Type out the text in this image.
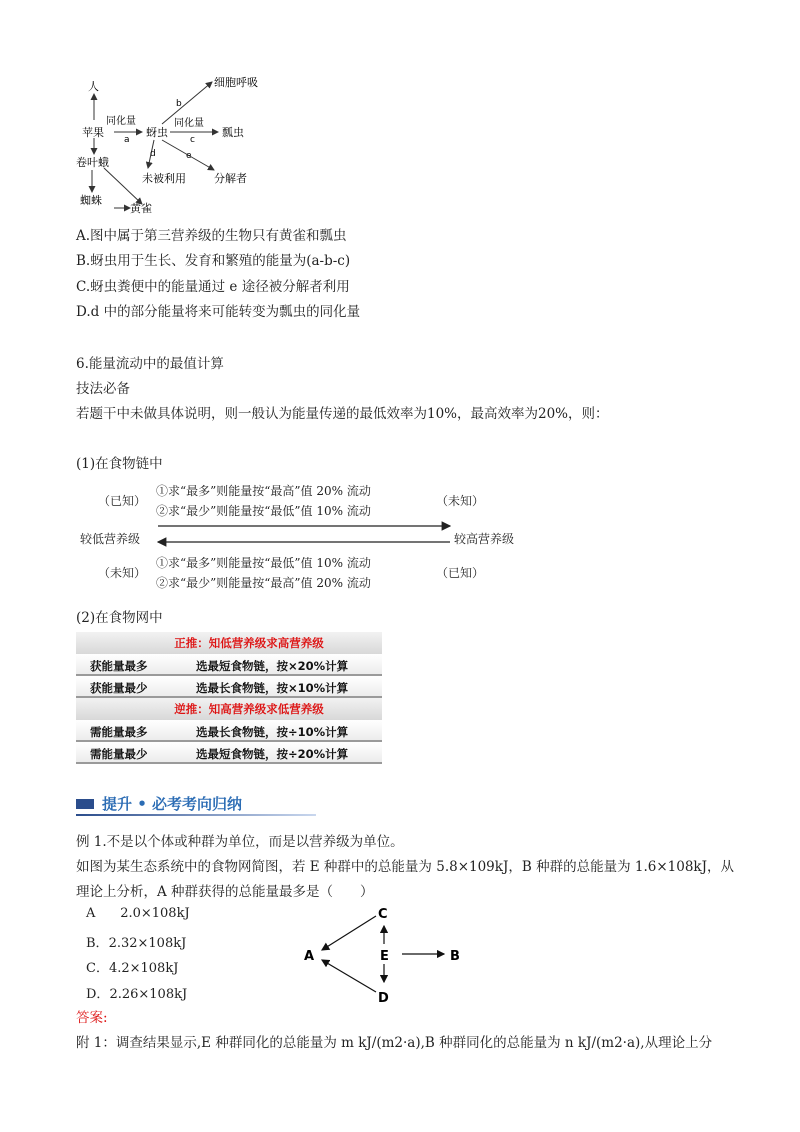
人
苹果
卷叶蛾
蜘蛛
黄雀
蚜虫
细胞呼吸
瓢虫
未被利用	分解者
同化量
a
同化量
b
c
d	e
A.图中属于第三营养级的生物只有黄雀和瓢虫
B.蚜虫用于生长、发育和繁殖的能量为(a-b-c)
C.蚜虫粪便中的能量通过 e 途径被分解者利用
D.d 中的部分能量将来可能转变为瓢虫的同化量
6.能量流动中的最值计算
技法必备
若题干中未做具体说明，则一般认为能量传递的最低效率为10%，最高效率为20%，则：
(1)在食物链中
（已知）
①求“最多”则能量按“最高”值 20% 流动
②求“最少”则能量按“最低”值 10% 流动
（未知）
较低营养级	较高营养级
（未知）
①求“最多”则能量按“最低”值 10% 流动
②求“最少”则能量按“最高”值 20% 流动
（已知）
(2)在食物网中
正推：知低营养级求高营养级
获能量最多	选最短食物链，按×20%计算
获能量最少	选最长食物链，按×10%计算
逆推：知高营养级求低营养级
需能量最多	选最长食物链，按÷10%计算
需能量最少	选最短食物链，按÷20%计算
提升 • 必考考向归纳
例 1.不是以个体或种群为单位，而是以营养级为单位。
如图为某生态系统中的食物网简图，若 E 种群中的总能量为 5.8×109kJ，B 种群的总能量为 1.6×108kJ，从
理论上分析，A 种群获得的总能量最多是（　　）
A 2.0×108kJ
B．2.32×108kJ
C．4.2×108kJ
D．2.26×108kJ
C
A	E	B
D
答案:
附 1：调查结果显示,E 种群同化的总能量为 m kJ/(m2·a),B 种群同化的总能量为 n kJ/(m2·a),从理论上分
